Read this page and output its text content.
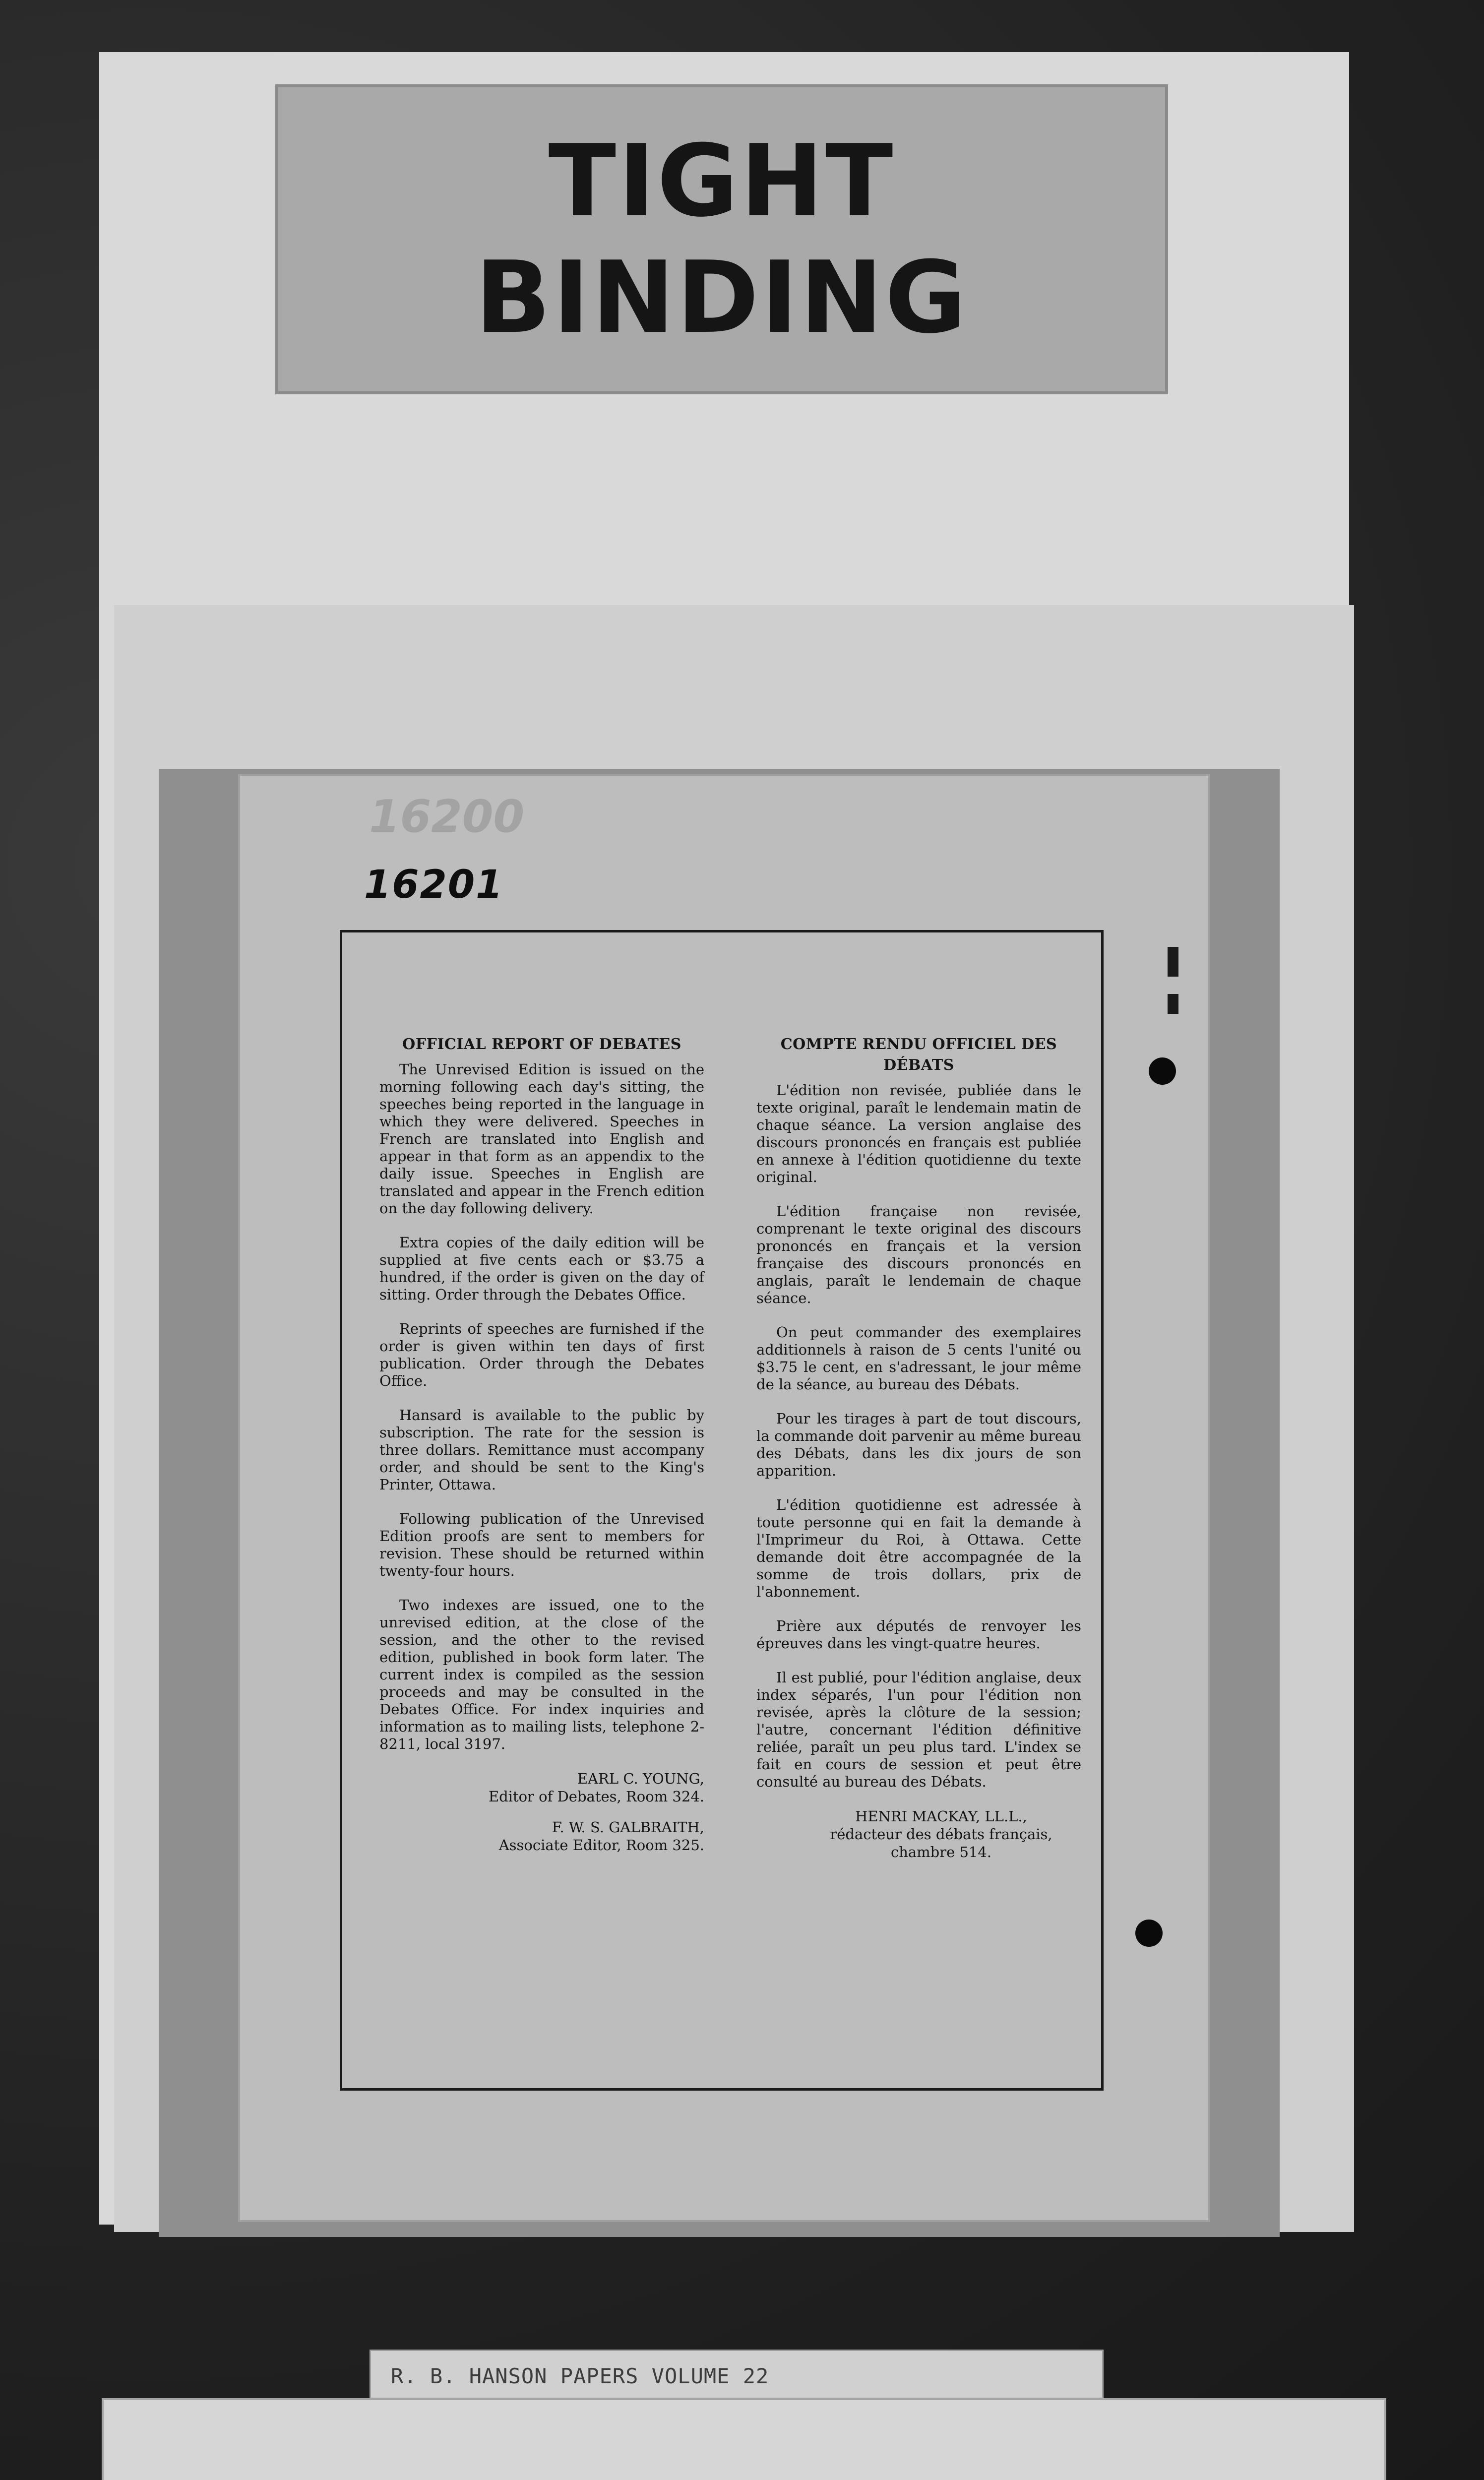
TIGHT
BINDING
16200
16201
OFFICIAL REPORT OF DEBATES

The Unrevised Edition is issued on the morning following each day's sitting, the speeches being reported in the language in which they were delivered. Speeches in French are translated into English and appear in that form as an appendix to the daily issue. Speeches in English are translated and appear in the French edition on the day following delivery.

Extra copies of the daily edition will be supplied at five cents each or $3.75 a hundred, if the order is given on the day of sitting. Order through the Debates Office.

Reprints of speeches are furnished if the order is given within ten days of first publication. Order through the Debates Office.

Hansard is available to the public by subscription. The rate for the session is three dollars. Remittance must accompany order, and should be sent to the King's Printer, Ottawa.

Following publication of the Unrevised Edition proofs are sent to members for revision. These should be returned within twenty-four hours.

Two indexes are issued, one to the unrevised edition, at the close of the session, and the other to the revised edition, published in book form later. The current index is compiled as the session proceeds and may be consulted in the Debates Office. For index inquiries and information as to mailing lists, telephone 2-8211, local 3197.

EARL C. YOUNG,

Editor of Debates, Room 324.

F. W. S. GALBRAITH,

Associate Editor, Room 325.

COMPTE RENDU OFFICIEL DES DÉBATS

L'édition non revisée, publiée dans le texte original, paraît le lendemain matin de chaque séance. La version anglaise des discours prononcés en français est publiée en annexe à l'édition quotidienne du texte original.

L'édition française non revisée, comprenant le texte original des discours prononcés en français et la version française des discours prononcés en anglais, paraît le lendemain de chaque séance.

On peut commander des exemplaires additionnels à raison de 5 cents l'unité ou $3.75 le cent, en s'adressant, le jour même de la séance, au bureau des Débats.

Pour les tirages à part de tout discours, la commande doit parvenir au même bureau des Débats, dans les dix jours de son apparition.

L'édition quotidienne est adressée à toute personne qui en fait la demande à l'Imprimeur du Roi, à Ottawa. Cette demande doit être accompagnée de la somme de trois dollars, prix de l'abonnement.

Prière aux députés de renvoyer les épreuves dans les vingt-quatre heures.

Il est publié, pour l'édition anglaise, deux index séparés, l'un pour l'édition non revisée, après la clôture de la session; l'autre, concernant l'édition définitive reliée, paraît un peu plus tard. L'index se fait en cours de session et peut être consulté au bureau des Débats.

HENRI MACKAY, LL.L.,

rédacteur des débats français,

chambre 514.

R. B. HANSON PAPERS VOLUME 22
